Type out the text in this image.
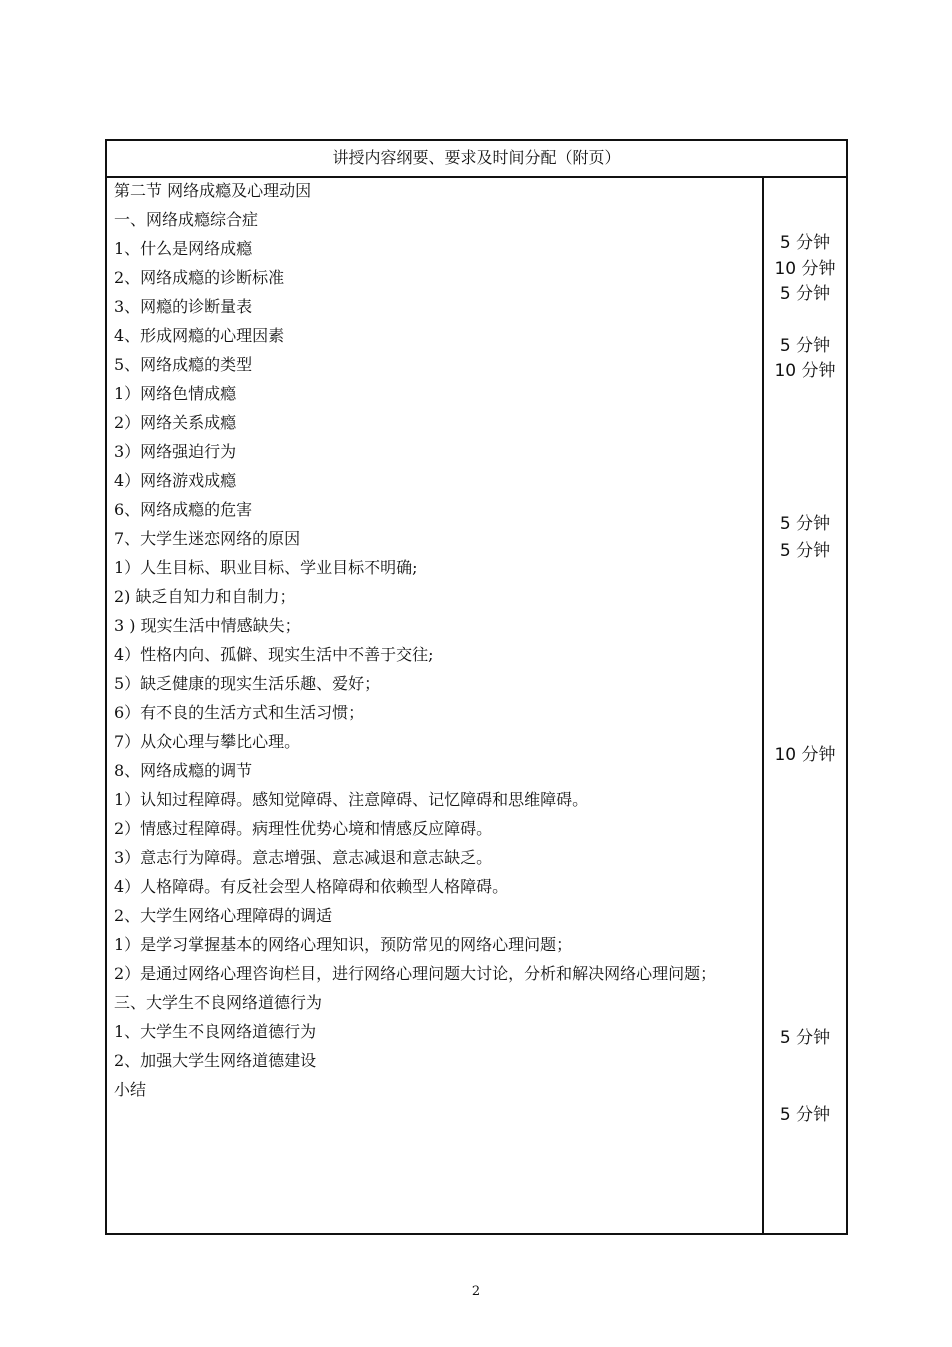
讲授内容纲要、要求及时间分配（附页）
第二节 网络成瘾及心理动因
一、网络成瘾综合症
1、什么是网络成瘾
2、网络成瘾的诊断标准
3、网瘾的诊断量表
4、形成网瘾的心理因素
5、网络成瘾的类型
1）网络色情成瘾
2）网络关系成瘾
3）网络强迫行为
4）网络游戏成瘾
6、网络成瘾的危害
7、大学生迷恋网络的原因
1）人生目标、职业目标、学业目标不明确;
2) 缺乏自知力和自制力；
3 ) 现实生活中情感缺失；
4）性格内向、孤僻、现实生活中不善于交往;
5）缺乏健康的现实生活乐趣、爱好；
6）有不良的生活方式和生活习惯；
7）从众心理与攀比心理。
8、网络成瘾的调节
1）认知过程障碍。感知觉障碍、注意障碍、记忆障碍和思维障碍。
2）情感过程障碍。病理性优势心境和情感反应障碍。
3）意志行为障碍。意志增强、意志减退和意志缺乏。
4）人格障碍。有反社会型人格障碍和依赖型人格障碍。
2、大学生网络心理障碍的调适
1）是学习掌握基本的网络心理知识，预防常见的网络心理问题；
2）是通过网络心理咨询栏目，进行网络心理问题大讨论，分析和解决网络心理问题；
三、大学生不良网络道德行为
1、大学生不良网络道德行为
2、加强大学生网络道德建设
小结
5 分钟
10 分钟
5 分钟
5 分钟
10 分钟
5 分钟
5 分钟
10 分钟
5 分钟
5 分钟
2
